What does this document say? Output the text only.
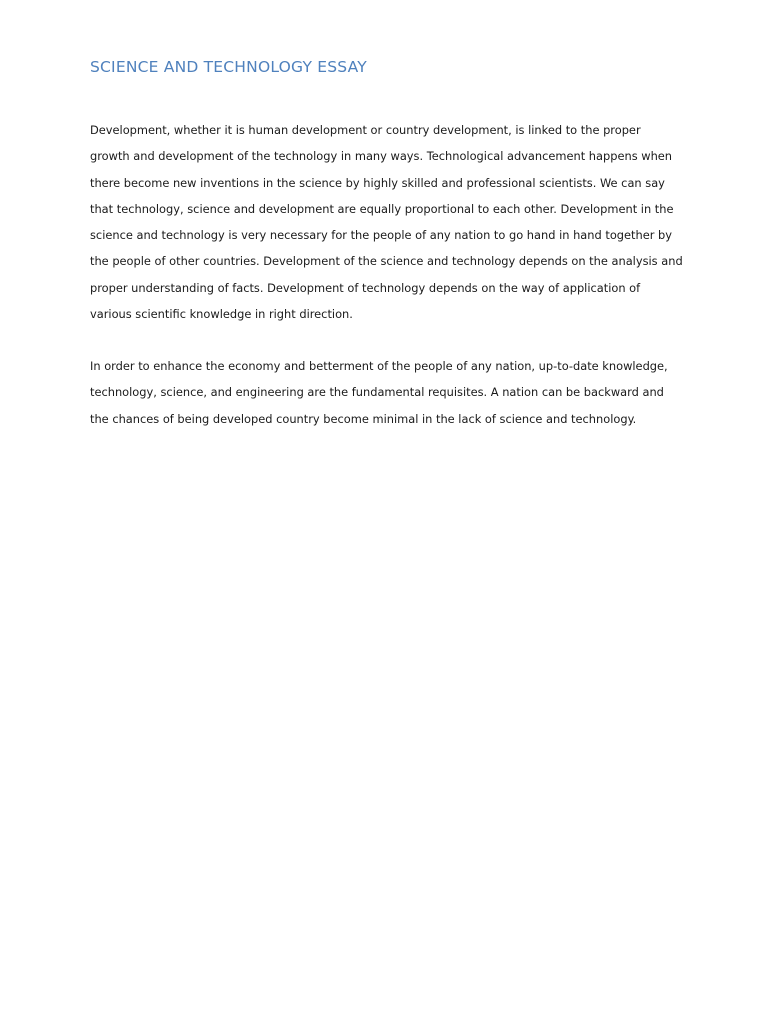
SCIENCE AND TECHNOLOGY ESSAY
Development, whether it is human development or country development, is linked to the proper
growth and development of the technology in many ways. Technological advancement happens when
there become new inventions in the science by highly skilled and professional scientists. We can say
that technology, science and development are equally proportional to each other. Development in the
science and technology is very necessary for the people of any nation to go hand in hand together by
the people of other countries. Development of the science and technology depends on the analysis and
proper understanding of facts. Development of technology depends on the way of application of
various scientific knowledge in right direction.
In order to enhance the economy and betterment of the people of any nation, up-to-date knowledge,
technology, science, and engineering are the fundamental requisites. A nation can be backward and
the chances of being developed country become minimal in the lack of science and technology.
